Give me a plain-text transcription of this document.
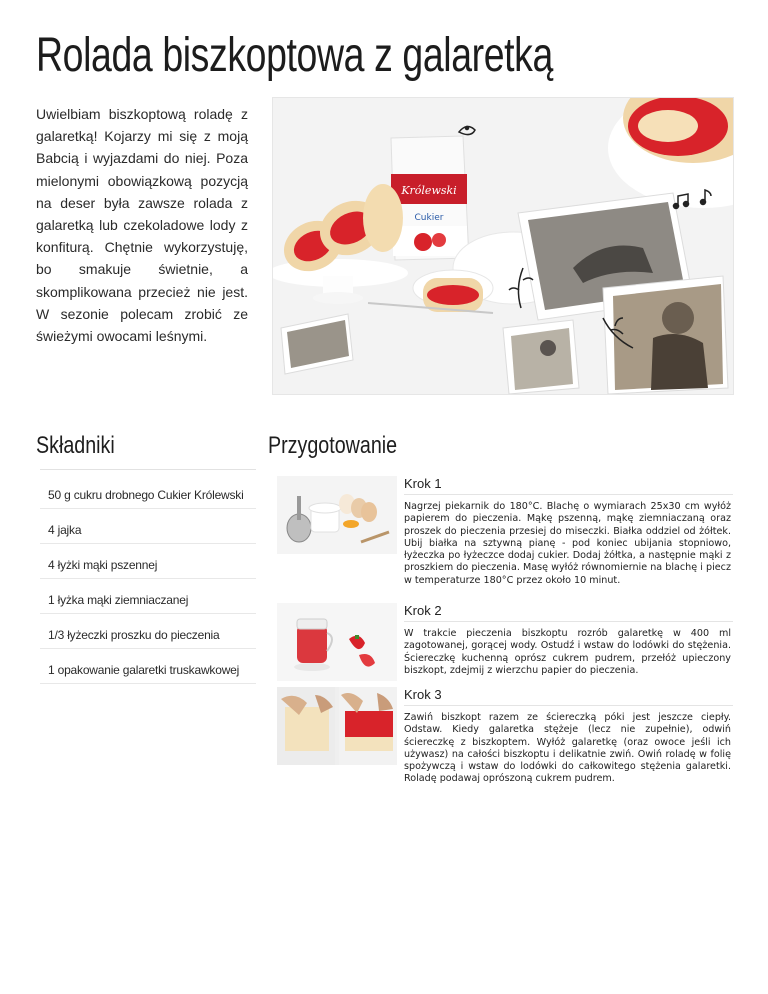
Rolada biszkoptowa z galaretką

Uwielbiam biszkoptową roladę z galaretką! Kojarzy mi się z moją Babcią i wyjazdami do niej. Poza mielonymi obowiązkową pozycją na deser była zawsze rolada z galaretką lub czekoladowe lody z konfiturą. Chętnie wykorzystuję, bo smakuje świetnie, a skomplikowana przecież nie jest. W sezonie polecam zrobić ze świeżymi owocami leśnymi.

Królewski
Cukier
Składniki	Przygotowanie
50 g cukru drobnego Cukier Królewski
4 jajka
4 łyżki mąki pszennej
1 łyżka mąki ziemniaczanej
1/3 łyżeczki proszku do pieczenia
1 opakowanie galaretki truskawkowej
Krok 1
Nagrzej piekarnik do 180°C. Blachę o wymiarach 25x30 cm wyłóż papierem do pieczenia. Mąkę pszenną, mąkę ziemniaczaną oraz proszek do pieczenia przesiej do miseczki. Białka oddziel od żółtek. Ubij białka na sztywną pianę - pod koniec ubijania stopniowo, łyżeczka po łyżeczce dodaj cukier. Dodaj żółtka, a następnie mąki z proszkiem do pieczenia. Masę wyłóż równomiernie na blachę i piecz w temperaturze 180°C przez około 10 minut.
Krok 2
W trakcie pieczenia biszkoptu rozrób galaretkę w 400 ml zagotowanej, gorącej wody. Ostudź i wstaw do lodówki do stężenia. Ściereczkę kuchenną oprósz cukrem pudrem, przełóż upieczony biszkopt, zdejmij z wierzchu papier do pieczenia.
Krok 3
Zawiń biszkopt razem ze ściereczką póki jest jeszcze ciepły. Odstaw. Kiedy galaretka stężeje (lecz nie zupełnie), odwiń ściereczkę z biszkoptem. Wyłóż galaretkę (oraz owoce jeśli ich używasz) na całości biszkoptu i delikatnie zwiń. Owiń roladę w folię spożywczą i wstaw do lodówki do całkowitego stężenia galaretki. Roladę podawaj oprószoną cukrem pudrem.
